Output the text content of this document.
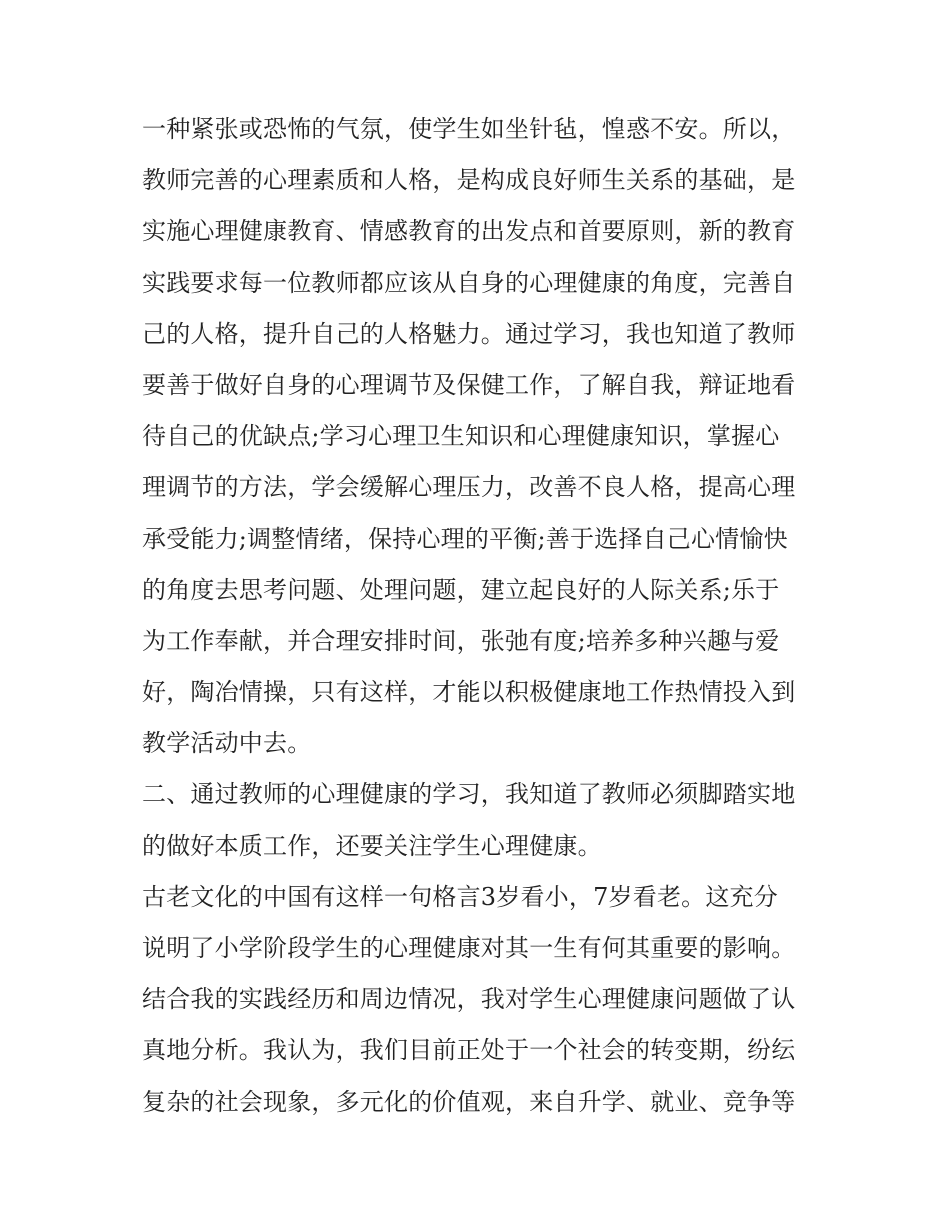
一种紧张或恐怖的气氛，使学生如坐针毡，惶惑不安。所以，
教师完善的心理素质和人格，是构成良好师生关系的基础，是
实施心理健康教育、情感教育的出发点和首要原则，新的教育
实践要求每一位教师都应该从自身的心理健康的角度，完善自
己的人格，提升自己的人格魅力。通过学习，我也知道了教师
要善于做好自身的心理调节及保健工作，了解自我，辩证地看
待自己的优缺点;学习心理卫生知识和心理健康知识，掌握心
理调节的方法，学会缓解心理压力，改善不良人格，提高心理
承受能力;调整情绪，保持心理的平衡;善于选择自己心情愉快
的角度去思考问题、处理问题，建立起良好的人际关系;乐于
为工作奉献，并合理安排时间，张弛有度;培养多种兴趣与爱
好，陶冶情操，只有这样，才能以积极健康地工作热情投入到
教学活动中去。
二、通过教师的心理健康的学习，我知道了教师必须脚踏实地
的做好本质工作，还要关注学生心理健康。
古老文化的中国有这样一句格言3岁看小，7岁看老。这充分
说明了小学阶段学生的心理健康对其一生有何其重要的影响。
结合我的实践经历和周边情况，我对学生心理健康问题做了认
真地分析。我认为，我们目前正处于一个社会的转变期，纷纭
复杂的社会现象，多元化的价值观，来自升学、就业、竞争等
